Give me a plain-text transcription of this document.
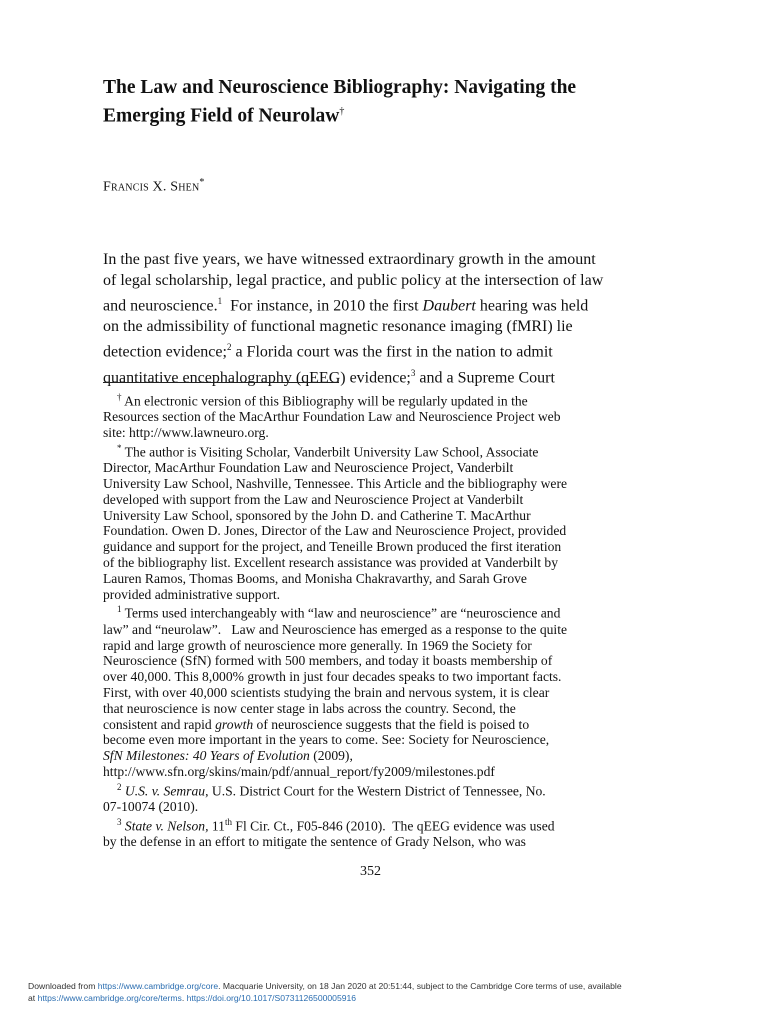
The Law and Neuroscience Bibliography: Navigating the
Emerging Field of Neurolaw†

Francis X. Shen*

In the past five years, we have witnessed extraordinary growth in the amount
of legal scholarship, legal practice, and public policy at the intersection of law
and neuroscience.$^1$  For instance, in 2010 the first Daubert hearing was held
on the admissibility of functional magnetic resonance imaging (fMRI) lie
detection evidence;$^2$ a Florida court was the first in the nation to admit
quantitative encephalography (qEEG) evidence;$^3$ and a Supreme Court
† An electronic version of this Bibliography will be regularly updated in the
Resources section of the MacArthur Foundation Law and Neuroscience Project web
site: http://www.lawneuro.org.
* The author is Visiting Scholar, Vanderbilt University Law School, Associate
Director, MacArthur Foundation Law and Neuroscience Project, Vanderbilt
University Law School, Nashville, Tennessee. This Article and the bibliography were
developed with support from the Law and Neuroscience Project at Vanderbilt
University Law School, sponsored by the John D. and Catherine T. MacArthur
Foundation. Owen D. Jones, Director of the Law and Neuroscience Project, provided
guidance and support for the project, and Teneille Brown produced the first iteration
of the bibliography list. Excellent research assistance was provided at Vanderbilt by
Lauren Ramos, Thomas Booms, and Monisha Chakravarthy, and Sarah Grove
provided administrative support.
$^1$ Terms used interchangeably with “law and neuroscience” are “neuroscience and
law” and “neurolaw”.   Law and Neuroscience has emerged as a response to the quite
rapid and large growth of neuroscience more generally. In 1969 the Society for
Neuroscience (SfN) formed with 500 members, and today it boasts membership of
over 40,000. This 8,000% growth in just four decades speaks to two important facts.
First, with over 40,000 scientists studying the brain and nervous system, it is clear
that neuroscience is now center stage in labs across the country. Second, the
consistent and rapid growth of neuroscience suggests that the field is poised to
become even more important in the years to come. See: Society for Neuroscience,
SfN Milestones: 40 Years of Evolution (2009),
http://www.sfn.org/skins/main/pdf/annual_report/fy2009/milestones.pdf
$^2$ U.S. v. Semrau, U.S. District Court for the Western District of Tennessee, No.
07-10074 (2010).
$^3$ State v. Nelson, 11th Fl Cir. Ct., F05-846 (2010).  The qEEG evidence was used
by the defense in an effort to mitigate the sentence of Grady Nelson, who was
352
Downloaded from https://www.cambridge.org/core. Macquarie University, on 18 Jan 2020 at 20:51:44, subject to the Cambridge Core terms of use, available
at https://www.cambridge.org/core/terms. https://doi.org/10.1017/S0731126500005916
